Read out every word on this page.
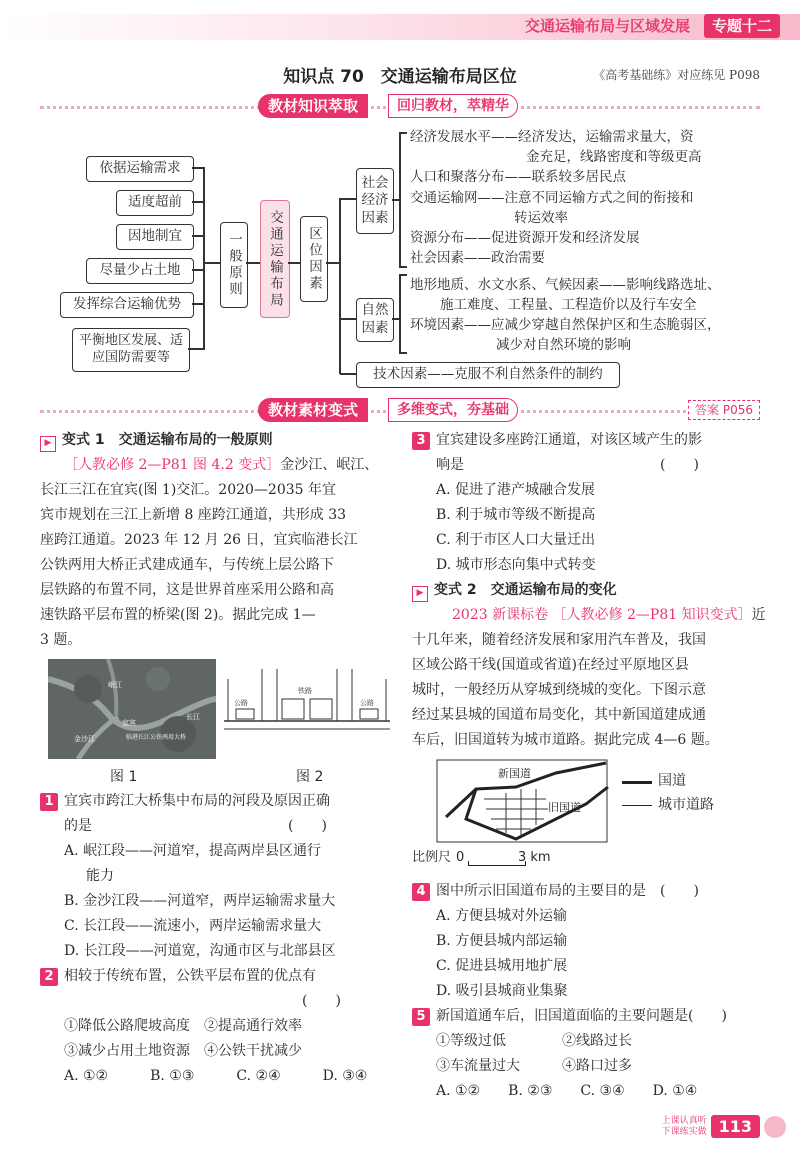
交通运输布局与区域发展	专题十二
知识点 70　交通运输布局区位	《高考基础练》对应练见 P098
教材知识萃取	回归教材，萃精华
依据运输需求
适度超前
因地制宜
尽量少占土地
发挥综合运输优势
平衡地区发展、适应国防需要等
一般原则	交通运输布局	区位因素
社会经济因素
自然因素
经济发展水平——经济发达，运输需求量大，资
金充足，线路密度和等级更高
人口和聚落分布——联系较多居民点
交通运输网——注意不同运输方式之间的衔接和
转运效率
资源分布——促进资源开发和经济发展
社会因素——政治需要
地形地质、水文水系、气候因素——影响线路选址、
施工难度、工程量、工程造价以及行车安全
环境因素——应减少穿越自然保护区和生态脆弱区，
减少对自然环境的影响
技术因素——克服不利自然条件的制约
教材素材变式	多维变式，夯基础	答案 P056
▶ 变式 1　交通运输布局的一般原则
［人教必修 2—P81 图 4.2 变式］金沙江、岷江、
长江三江在宜宾(图 1)交汇。2020—2035 年宜
宾市规划在三江上新增 8 座跨江通道，共形成 33
座跨江通道。2023 年 12 月 26 日，宜宾临港长江
公铁两用大桥正式建成通车，与传统上层公路下
层铁路的布置不同，这是世界首座采用公路和高
速铁路平层布置的桥梁(图 2)。据此完成 1—
3 题。
岷江
金沙江
长江
宜宾
临港长江公铁两用大桥
公路
铁路
公路
图 1	图 2
1 宜宾市跨江大桥集中布局的河段及原因正确
的是　　　　　　　　　　　　　　(　　)
A. 岷江段——河道窄，提高两岸县区通行
能力
B. 金沙江段——河道窄，两岸运输需求量大
C. 长江段——流速小，两岸运输需求量大
D. 长江段——河道宽，沟通市区与北部县区
2 相较于传统布置，公铁平层布置的优点有
　　　　　　　　　　　　　　　　　(　　)
①降低公路爬坡高度　②提高通行效率
③减少占用土地资源　④公铁干扰减少
A. ①②　　　B. ①③　　　C. ②④　　　D. ③④
3 宜宾建设多座跨江通道，对该区域产生的影
响是　　　　　　　　　　　　　　(　　)
A. 促进了港产城融合发展
B. 利于城市等级不断提高
C. 利于市区人口大量迁出
D. 城市形态向集中式转变
▶ 变式 2　交通运输布局的变化
2023 新课标卷 ［人教必修 2—P81 知识变式］近
十几年来，随着经济发展和家用汽车普及，我国
区域公路干线(国道或省道)在经过平原地区县
城时，一般经历从穿城到绕城的变化。下图示意
经过某县城的国道布局变化，其中新国道建成通
车后，旧国道转为城市道路。据此完成 4—6 题。
新国道
旧国道
国道
城市道路
比例尺 0	3 km
4 图中所示旧国道布局的主要目的是　(　　)
A. 方便县城对外运输
B. 方便县城内部运输
C. 促进县城用地扩展
D. 吸引县城商业集聚
5 新国道通车后，旧国道面临的主要问题是(　　)
①等级过低　　　　②线路过长
③车流量过大　　　④路口过多
A. ①②　　B. ②③　　C. ③④　　D. ①④
上课认真听
下课练实做 113
